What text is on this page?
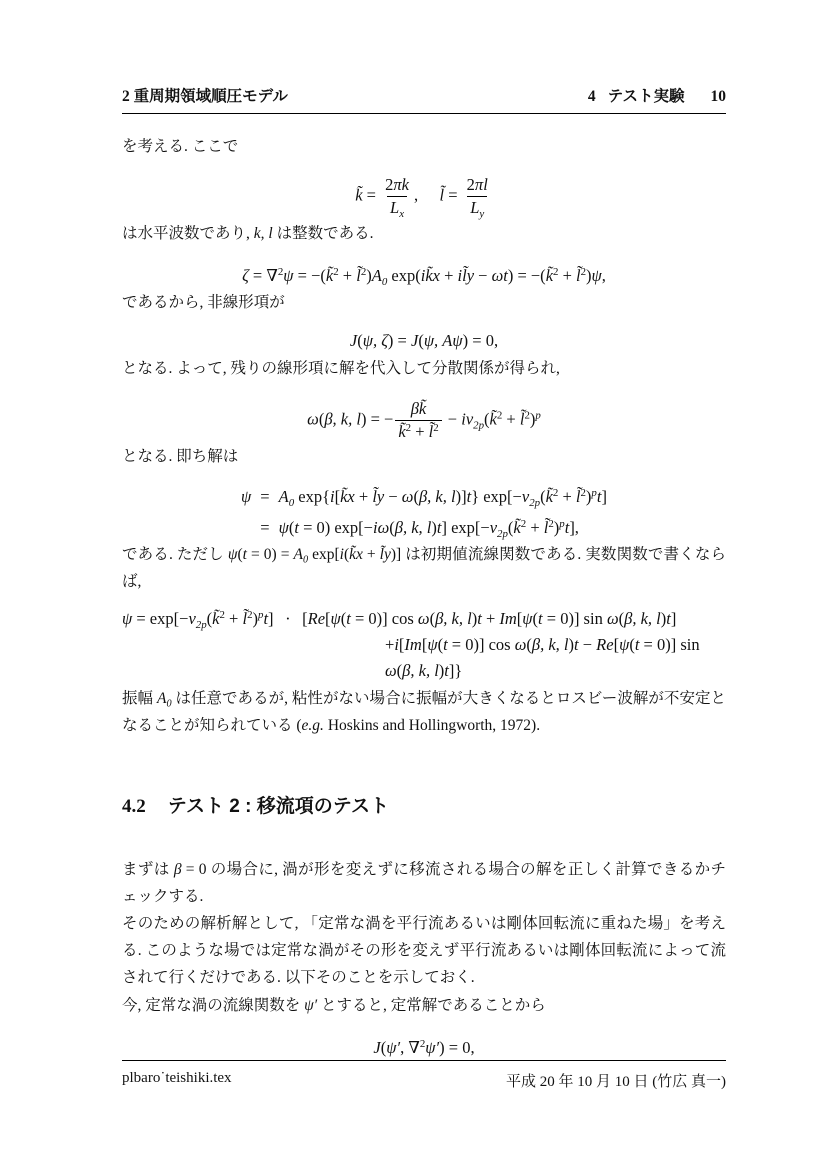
2 重周期領域順圧モデル	4 テスト実験 10

を考える. ここで

k̃ = $\frac{2\pi k}{L_x}$ , l̃ = $\frac{2\pi l}{L_y}$

は水平波数であり, k, l は整数である.

ζ = ∇$^2$ψ = −(k̃$^2$ + $l̃^2)A_0$ exp(ik̃x + il̃y − ωt) = −(k̃$^2$ + l̃$^2$)ψ,

であるから, 非線形項が

J(ψ, ζ) = J(ψ, Aψ) = 0,

となる. よって, 残りの線形項に解を代入して分散関係が得られ,

ω(β, k, l) = − $\frac{\beta k̃}{k̃^2 + l̃^2}$ − $i\nu_{2p}(k̃^2$ + l̃$^2$)$^p$

となる. 即ち解は

$\psi = A_0$ exp{i[k̃x + l̃y − ω(β, k, l)]t} $\exp[-\nu_{2p}(k̃^2$ + l̃$^2$)$^p$t]
= ψ(t = 0) exp[−iω(β, k, l)t] $\exp[-\nu_{2p}(k̃^2$ + l̃$^2$)$^p$t],

である. ただし $\psi(t = 0) = A_0$ exp[i(k̃x + l̃y)] は初期値流線関数である. 実数関数で書くならば,

$\psi = \exp[-\nu_{2p}(k̃^2$ + l̃$^2$)$^p$t] · [Re[ψ(t = 0)] cos ω(β, k, l)t + Im[ψ(t = 0)] sin ω(β, k, l)t]
+i[Im[ψ(t = 0)] cos ω(β, k, l)t − Re[ψ(t = 0)] sin ω(β, k, l)t]}

振幅 $A_0$ は任意であるが, 粘性がない場合に振幅が大きくなるとロスビー波解が不安定となることが知られている (e.g. Hoskins and Hollingworth, 1972).

4.2 テスト 2 : 移流項のテスト

まずは β = 0 の場合に, 渦が形を変えずに移流される場合の解を正しく計算できるかチェックする.

そのための解析解として, 「定常な渦を平行流あるいは剛体回転流に重ねた場」を考える. このような場では定常な渦がその形を変えず平行流あるいは剛体回転流によって流されて行くだけである. 以下そのことを示しておく.

今, 定常な渦の流線関数を ψ′ とすると, 定常解であることから

J(ψ′, ∇$^2$ψ′) = 0,
plbaro˙teishiki.tex	平成 20 年 10 月 10 日 (竹広 真一)
